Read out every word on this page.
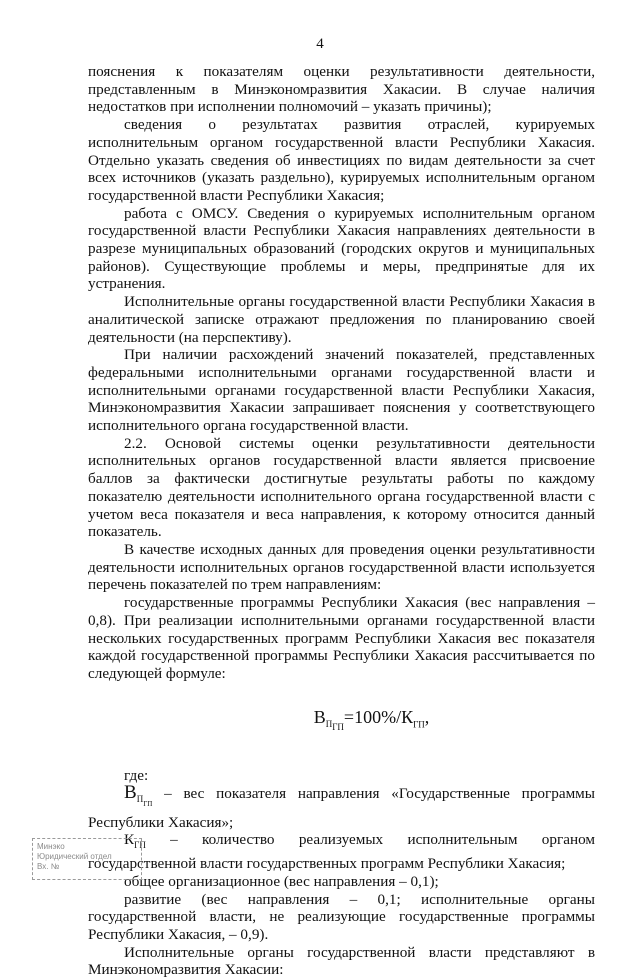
4

пояснения к показателям оценки результативности деятельности, представленным в Минэкономразвития Хакасии. В случае наличия недостатков при исполнении полномочий – указать причины);

сведения о результатах развития отраслей, курируемых исполнительным органом государственной власти Республики Хакасия. Отдельно указать сведения об инвестициях по видам деятельности за счет всех источников (указать раздельно), курируемых исполнительным органом государственной власти Республики Хакасия;

работа с ОМСУ. Сведения о курируемых исполнительным органом государственной власти Республики Хакасия направлениях деятельности в разрезе муниципальных образований (городских округов и муниципальных районов). Существующие проблемы и меры, предпринятые для их устранения.

Исполнительные органы государственной власти Республики Хакасия в аналитической записке отражают предложения по планированию своей деятельности (на перспективу).

При наличии расхождений значений показателей, представленных федеральными исполнительными органами государственной власти и исполнительными органами государственной власти Республики Хакасия, Минэкономразвития Хакасии запрашивает пояснения у соответствующего исполнительного органа государственной власти.

2.2. Основой системы оценки результативности деятельности исполнительных органов государственной власти является присвоение баллов за фактически достигнутые результаты работы по каждому показателю деятельности исполнительного органа государственной власти с учетом веса показателя и веса направления, к которому относится данный показатель.

В качестве исходных данных для проведения оценки результативности деятельности исполнительных органов государственной власти используется перечень показателей по трем направлениям:

государственные программы Республики Хакасия (вес направления – 0,8). При реализации исполнительными органами государственной власти нескольких государственных программ Республики Хакасия вес показателя каждой государственной программы Республики Хакасия рассчитывается по следующей формуле:

$В_{П_{ГП}}=100\%/К_{ГП}$,

где:

$В_{П_{ГП}}$ – вес показателя направления «Государственные программы Республики Хакасия»;

$К_{ГП}$ – количество реализуемых исполнительным органом государственной власти государственных программ Республики Хакасия;

общее организационное (вес направления – 0,1);

развитие (вес направления – 0,1; исполнительные органы государственной власти, не реализующие государственные программы Республики Хакасия, – 0,9).

Исполнительные органы государственной власти представляют в Минэкономразвития Хакасии:

Минэко
Юридический отдел
Вх. №
